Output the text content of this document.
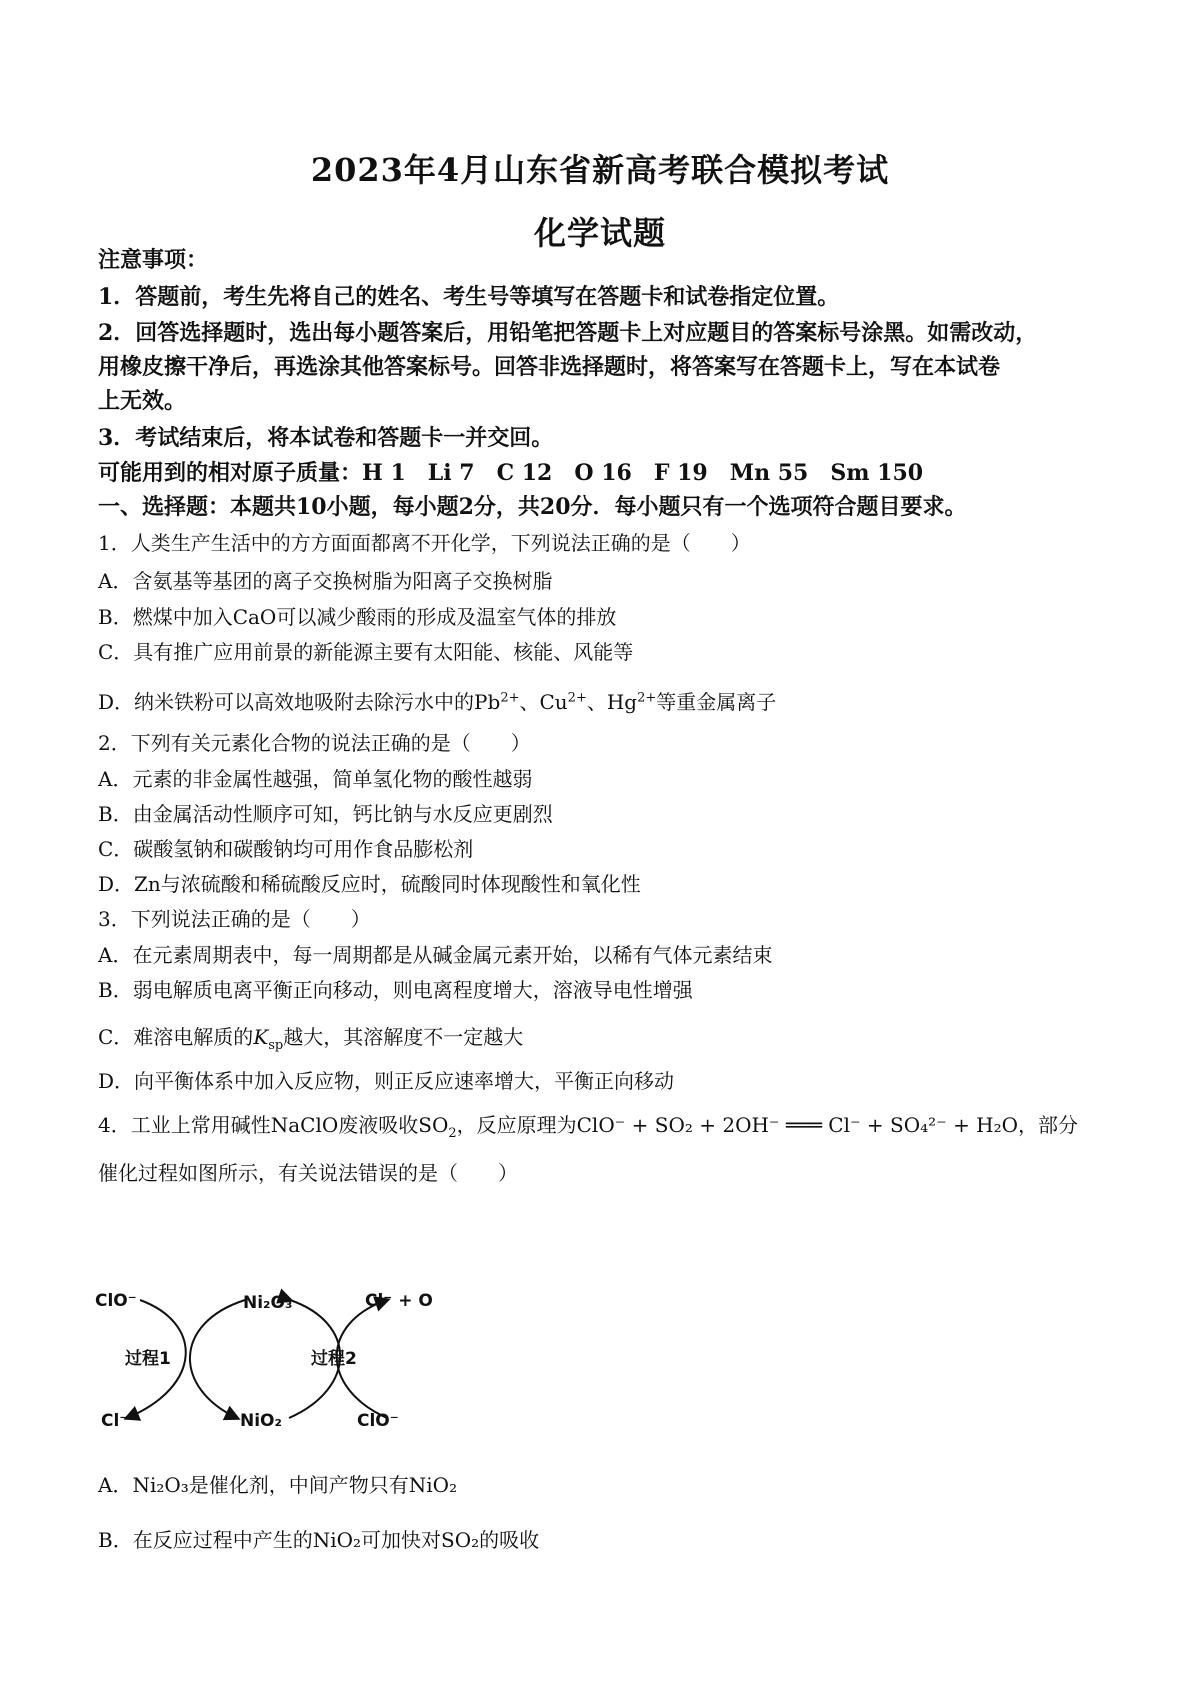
2023年4月山东省新高考联合模拟考试
化学试题
注意事项：
1．答题前，考生先将自己的姓名、考生号等填写在答题卡和试卷指定位置。
2．回答选择题时，选出每小题答案后，用铅笔把答题卡上对应题目的答案标号涂黑。如需改动，
用橡皮擦干净后，再选涂其他答案标号。回答非选择题时，将答案写在答题卡上，写在本试卷
上无效。
3．考试结束后，将本试卷和答题卡一并交回。
可能用到的相对原子质量：H 1 Li 7 C 12 O 16 F 19 Mn 55 Sm 150
一、选择题：本题共10小题，每小题2分，共20分．每小题只有一个选项符合题目要求。
1．人类生产生活中的方方面面都离不开化学，下列说法正确的是（　　）
A．含氨基等基团的离子交换树脂为阳离子交换树脂
B．燃煤中加入CaO可以减少酸雨的形成及温室气体的排放
C．具有推广应用前景的新能源主要有太阳能、核能、风能等
D．纳米铁粉可以高效地吸附去除污水中的$Pb^{2+}$、$Cu^{2+}$、$Hg^{2+}$等重金属离子
2．下列有关元素化合物的说法正确的是（　　）
A．元素的非金属性越强，简单氢化物的酸性越弱
B．由金属活动性顺序可知，钙比钠与水反应更剧烈
C．碳酸氢钠和碳酸钠均可用作食品膨松剂
D．Zn与浓硫酸和稀硫酸反应时，硫酸同时体现酸性和氧化性
3．下列说法正确的是（　　）
A．在元素周期表中，每一周期都是从碱金属元素开始，以稀有气体元素结束
B．弱电解质电离平衡正向移动，则电离程度增大，溶液导电性增强
C．难溶电解质的$K_{sp}$越大，其溶解度不一定越大
D．向平衡体系中加入反应物，则正反应速率增大，平衡正向移动
4．工业上常用碱性NaClO废液吸收$SO_2$，反应原理为ClO⁻ + SO₂ + 2OH⁻ ═══ Cl⁻ + SO₄²⁻ + H₂O，部分
催化过程如图所示，有关说法错误的是（　　）
ClO⁻
Cl⁻
Ni₂O₃
NiO₂
Cl⁻ + O
ClO⁻
过程1	过程2
A．Ni₂O₃是催化剂，中间产物只有NiO₂
B．在反应过程中产生的NiO₂可加快对SO₂的吸收
